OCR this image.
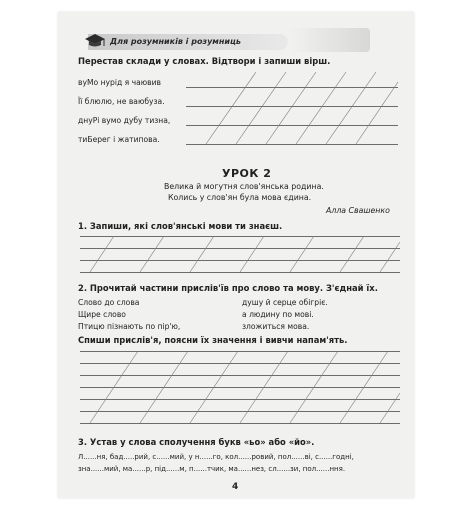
Для розумників і розумниць
Перестав склади у словах. Відтвори і запиши вірш.
вуМо нурід я чаювив
Її блюлю, не ваюбуза.
днуРі вумо дубу тизна,
тиБерег і жатипова.
УРОК 2
Велика й могутня слов'янська родина.
Колись у слов'ян була мова єдина.
Алла Свашенко
1. Запиши, які слов'янські мови ти знаєш.
2. Прочитай частини прислів'їв про слово та мову. З'єднай їх.
Слово до слова
Щире слово
Птицю пізнають по пір'ю,
душу й серце обігріє.
а людину по мові.
зложиться мова.
Спиши прислів'я, поясни їх значення і вивчи напам'ять.
3. Устав у слова сполучення букв «ьо» або «йо».
Л......ня, бад.....рий, с......мий, у н......го, кол......ровий, пол......ві, с......годні,
зна......мий, ма......р, під......м, п......тчик, ма......нез, сл......зи, пол......ння.
4
